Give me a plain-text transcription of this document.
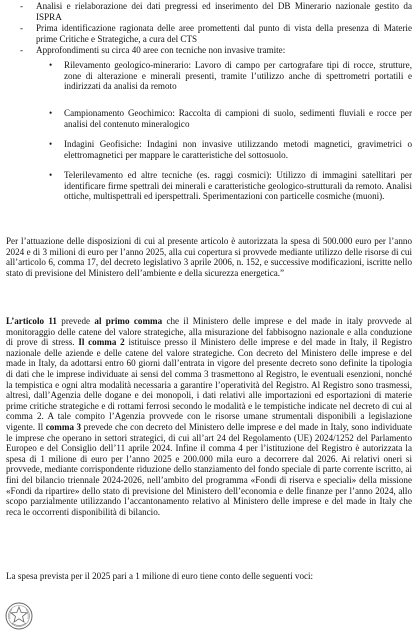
- Analisi e rielaborazione dei dati pregressi ed inserimento del DB Minerario nazionale gestito da ISPRA
- Prima identificazione ragionata delle aree promettenti dal punto di vista della presenza di Materie prime Critiche e Strategiche, a cura del CTS
- Approfondimenti su circa 40 aree con tecniche non invasive tramite:
• Rilevamento geologico-minerario: Lavoro di campo per cartografare tipi di rocce, strutture, zone di alterazione e minerali presenti, tramite l’utilizzo anche di spettrometri portatili e indirizzati da analisi da remoto
• Campionamento Geochimico: Raccolta di campioni di suolo, sedimenti fluviali e rocce per analisi del contenuto mineralogico
• Indagini Geofisiche: Indagini non invasive utilizzando metodi magnetici, gravimetrici o elettromagnetici per mappare le caratteristiche del sottosuolo.
• Telerilevamento ed altre tecniche (es. raggi cosmici): Utilizzo di immagini satellitari per identificare firme spettrali dei minerali e caratteristiche geologico-strutturali da remoto. Analisi ottiche, multispettrali ed iperspettrali. Sperimentazioni con particelle cosmiche (muoni).
Per l’attuazione delle disposizioni di cui al presente articolo è autorizzata la spesa di 500.000 euro per l’anno 2024 e di 3 milioni di euro per l’anno 2025, alla cui copertura si provvede mediante utilizzo delle risorse di cui all’articolo 6, comma 17, del decreto legislativo 3 aprile 2006, n. 152, e successive modificazioni, iscritte nello stato di previsione del Ministero dell’ambiente e della sicurezza energetica.”
L’articolo 11 prevede al primo comma che il Ministero delle imprese e del made in italy provvede al monitoraggio delle catene del valore strategiche, alla misurazione del fabbisogno nazionale e alla conduzione di prove di stress. Il comma 2 istituisce presso il Ministero delle imprese e del made in Italy, il Registro nazionale delle aziende e delle catene del valore strategiche. Con decreto del Ministero delle imprese e del made in Italy, da adottarsi entro 60 giorni dall’entrata in vigore del presente decreto sono definite la tipologia di dati che le imprese individuate ai sensi del comma 3 trasmettono al Registro, le eventuali esenzioni, nonché la tempistica e ogni altra modalità necessaria a garantire l’operatività del Registro. Al Registro sono trasmessi, altresì, dall’Agenzia delle dogane e dei monopoli, i dati relativi alle importazioni ed esportazioni di materie prime critiche strategiche e di rottami ferrosi secondo le modalità e le tempistiche indicate nel decreto di cui al comma 2. A tale compito l’Agenzia provvede con le risorse umane strumentali disponibili a legislazione vigente. Il comma 3 prevede che con decreto del Ministero delle imprese e del made in Italy, sono individuate le imprese che operano in settori strategici, di cui all’art 24 del Regolamento (UE) 2024/1252 del Parlamento Europeo e del Consiglio dell’11 aprile 2024. Infine il comma 4 per l’istituzione del Registro è autorizzata la spesa di 1 milione di euro per l’anno 2025 e 200.000 mila euro a decorrere dal 2026. Ai relativi oneri si provvede, mediante corrispondente riduzione dello stanziamento del fondo speciale di parte corrente iscritto, ai fini del bilancio triennale 2024-2026, nell’ambito del programma «Fondi di riserva e speciali» della missione «Fondi da ripartire» dello stato di previsione del Ministero dell’economia e delle finanze per l’anno 2024, allo scopo parzialmente utilizzando l’accantonamento relativo al Ministero delle imprese e del made in Italy che reca le occorrenti disponibilità di bilancio.
La spesa prevista per il 2025 pari a 1 milione di euro tiene conto delle seguenti voci:
